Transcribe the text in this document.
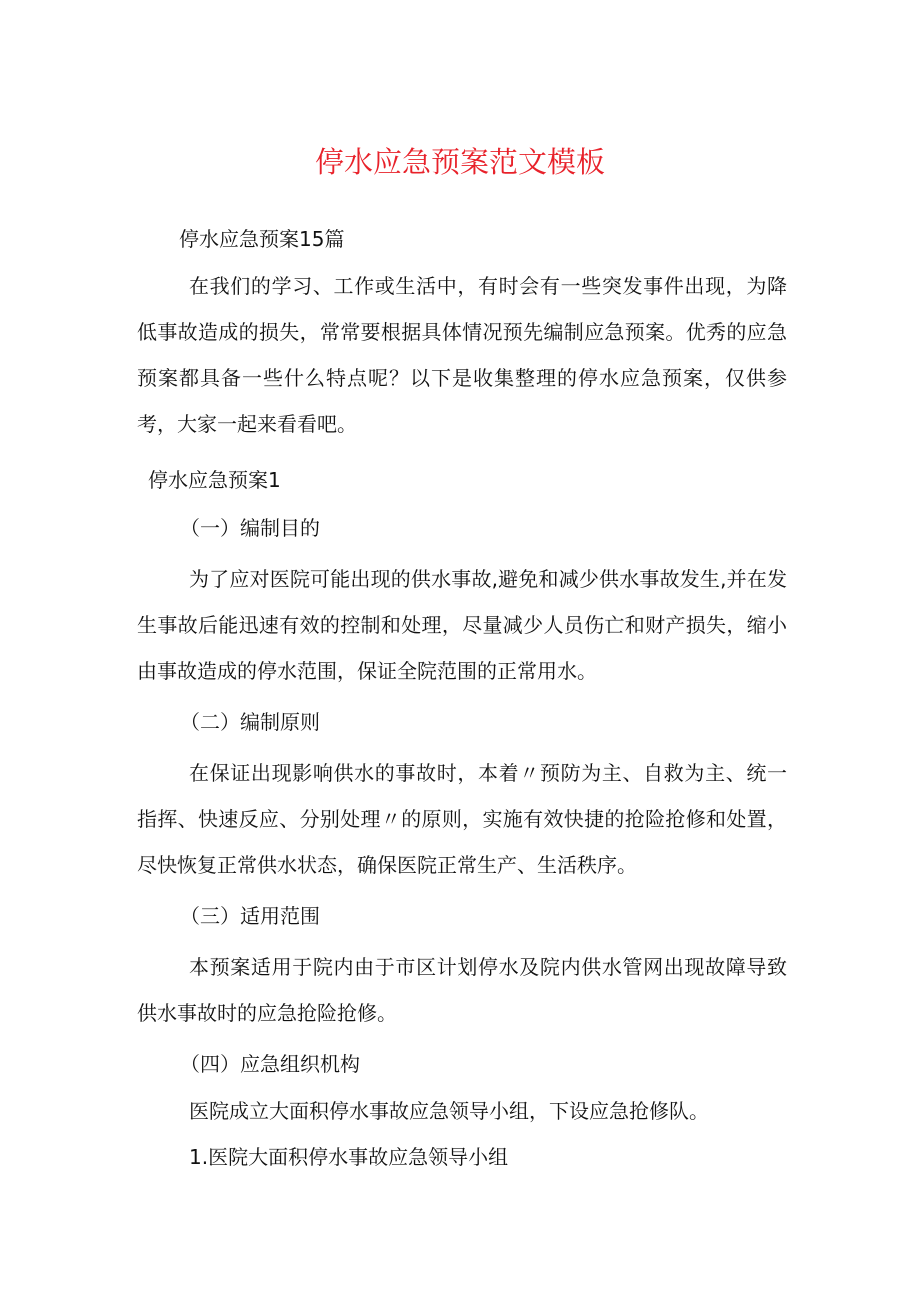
停水应急预案范文模板
停水应急预案15篇
在我们的学习、工作或生活中，有时会有一些突发事件出现，为降低事故造成的损失，常常要根据具体情况预先编制应急预案。优秀的应急预案都具备一些什么特点呢？以下是收集整理的停水应急预案，仅供参考，大家一起来看看吧。
停水应急预案1
（一）编制目的
为了应对医院可能出现的供水事故,避免和减少供水事故发生,并在发生事故后能迅速有效的控制和处理，尽量减少人员伤亡和财产损失，缩小由事故造成的停水范围，保证全院范围的正常用水。
（二）编制原则
在保证出现影响供水的事故时，本着〃预防为主、自救为主、统一指挥、快速反应、分别处理〃的原则，实施有效快捷的抢险抢修和处置，尽快恢复正常供水状态，确保医院正常生产、生活秩序。
（三）适用范围
本预案适用于院内由于市区计划停水及院内供水管网出现故障导致供水事故时的应急抢险抢修。
（四）应急组织机构
医院成立大面积停水事故应急领导小组，下设应急抢修队。
1.医院大面积停水事故应急领导小组
